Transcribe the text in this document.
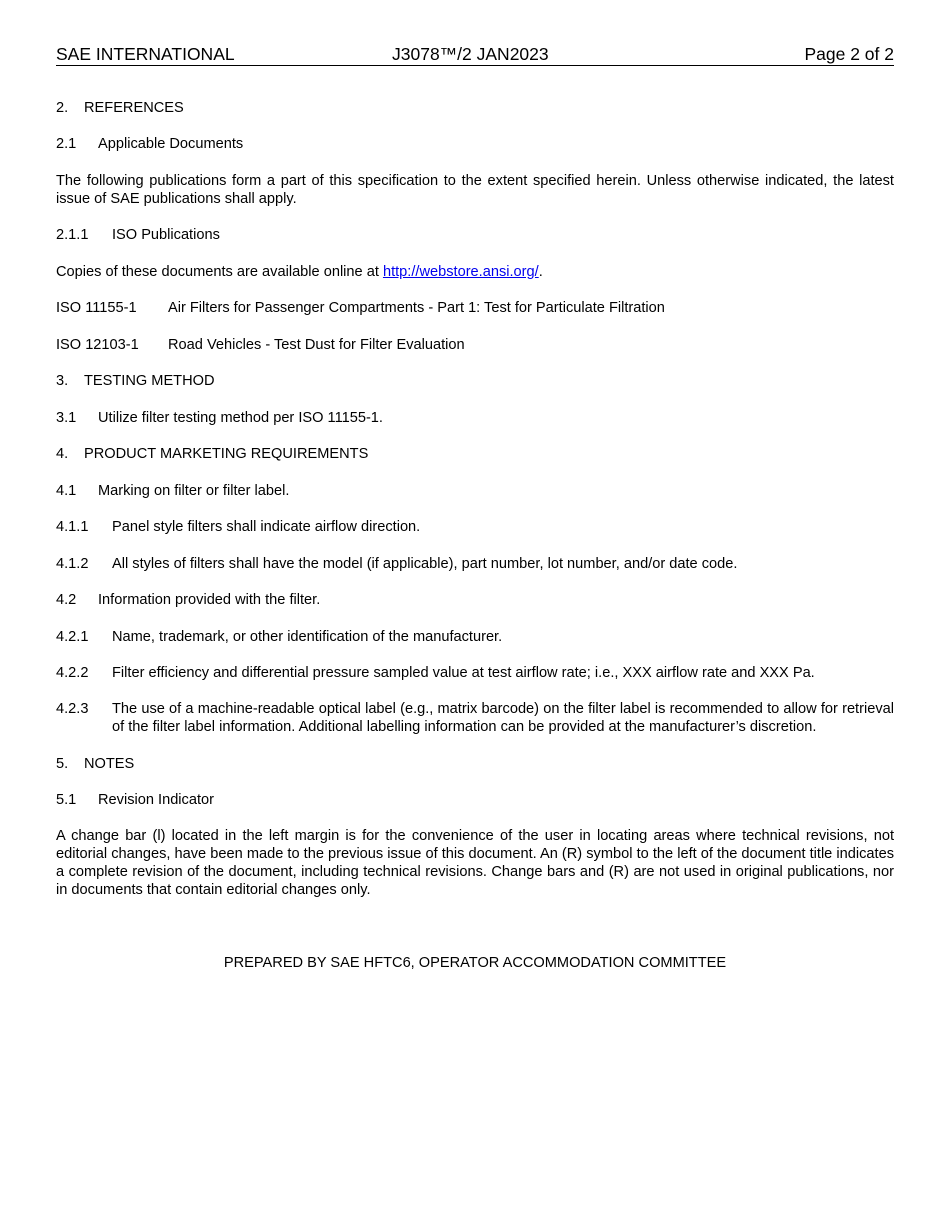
SAE INTERNATIONAL	J3078™/2 JAN2023	Page 2 of 2
2. REFERENCES
2.1 Applicable Documents

The following publications form a part of this specification to the extent specified herein. Unless otherwise indicated, the latest issue of SAE publications shall apply.

2.1.1 ISO Publications

Copies of these documents are available online at http://webstore.ansi.org/.

ISO 11155-1 Air Filters for Passenger Compartments - Part 1: Test for Particulate Filtration
ISO 12103-1 Road Vehicles - Test Dust for Filter Evaluation
3. TESTING METHOD
3.1 Utilize filter testing method per ISO 11155-1.
4. PRODUCT MARKETING REQUIREMENTS
4.1 Marking on filter or filter label.
4.1.1 Panel style filters shall indicate airflow direction.
4.1.2 All styles of filters shall have the model (if applicable), part number, lot number, and/or date code.
4.2 Information provided with the filter.
4.2.1 Name, trademark, or other identification of the manufacturer.
4.2.2 Filter efficiency and differential pressure sampled value at test airflow rate; i.e., XXX airflow rate and XXX Pa.
4.2.3 The use of a machine-readable optical label (e.g., matrix barcode) on the filter label is recommended to allow for retrieval of the filter label information. Additional labelling information can be provided at the manufacturer’s discretion.
5. NOTES
5.1 Revision Indicator

A change bar (l) located in the left margin is for the convenience of the user in locating areas where technical revisions, not editorial changes, have been made to the previous issue of this document. An (R) symbol to the left of the document title indicates a complete revision of the document, including technical revisions. Change bars and (R) are not used in original publications, nor in documents that contain editorial changes only.

PREPARED BY SAE HFTC6, OPERATOR ACCOMMODATION COMMITTEE
